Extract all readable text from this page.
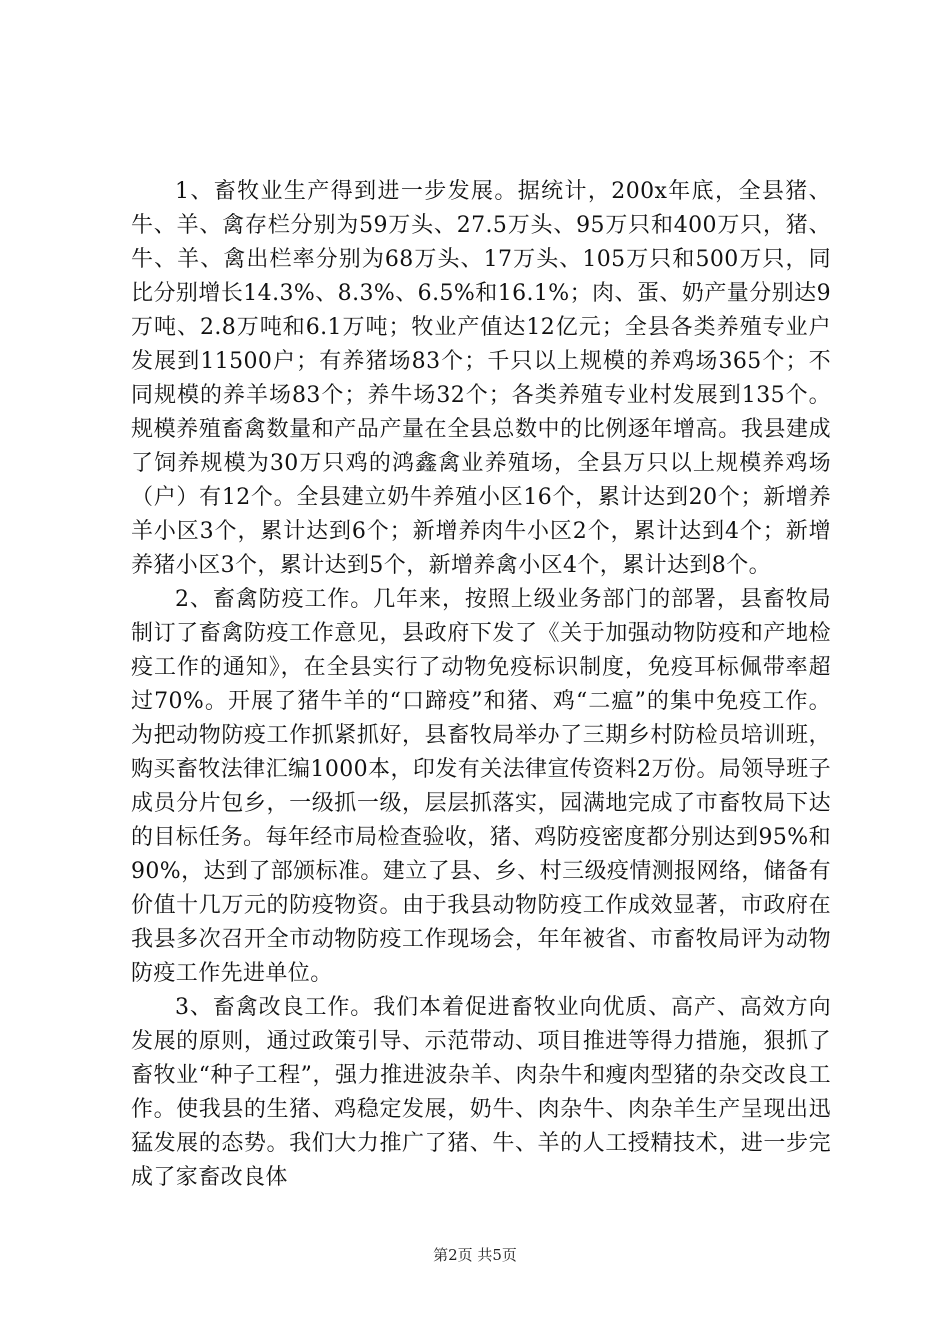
1、畜牧业生产得到进一步发展。据统计，200x年底，全县猪、牛、羊、禽存栏分别为59万头、27.5万头、95万只和400万只，猪、牛、羊、禽出栏率分别为68万头、17万头、105万只和500万只，同比分别增长14.3%、8.3%、6.5%和16.1%；肉、蛋、奶产量分别达9万吨、2.8万吨和6.1万吨；牧业产值达12亿元；全县各类养殖专业户发展到11500户；有养猪场83个；千只以上规模的养鸡场365个；不同规模的养羊场83个；养牛场32个；各类养殖专业村发展到135个。规模养殖畜禽数量和产品产量在全县总数中的比例逐年增高。我县建成了饲养规模为30万只鸡的鸿鑫禽业养殖场，全县万只以上规模养鸡场（户）有12个。全县建立奶牛养殖小区16个，累计达到20个；新增养羊小区3个，累计达到6个；新增养肉牛小区2个，累计达到4个；新增养猪小区3个，累计达到5个，新增养禽小区4个，累计达到8个。

2、畜禽防疫工作。几年来，按照上级业务部门的部署，县畜牧局制订了畜禽防疫工作意见，县政府下发了《关于加强动物防疫和产地检疫工作的通知》，在全县实行了动物免疫标识制度，免疫耳标佩带率超过70%。开展了猪牛羊的“口蹄疫”和猪、鸡“二瘟”的集中免疫工作。为把动物防疫工作抓紧抓好，县畜牧局举办了三期乡村防检员培训班，购买畜牧法律汇编1000本，印发有关法律宣传资料2万份。局领导班子成员分片包乡，一级抓一级，层层抓落实，园满地完成了市畜牧局下达的目标任务。每年经市局检查验收，猪、鸡防疫密度都分别达到95%和90%，达到了部颁标准。建立了县、乡、村三级疫情测报网络，储备有价值十几万元的防疫物资。由于我县动物防疫工作成效显著，市政府在我县多次召开全市动物防疫工作现场会，年年被省、市畜牧局评为动物防疫工作先进单位。

3、畜禽改良工作。我们本着促进畜牧业向优质、高产、高效方向发展的原则，通过政策引导、示范带动、项目推进等得力措施，狠抓了畜牧业“种子工程”，强力推进波杂羊、肉杂牛和瘦肉型猪的杂交改良工作。使我县的生猪、鸡稳定发展，奶牛、肉杂牛、肉杂羊生产呈现出迅猛发展的态势。我们大力推广了猪、牛、羊的人工授精技术，进一步完成了家畜改良体

第2页 共5页
